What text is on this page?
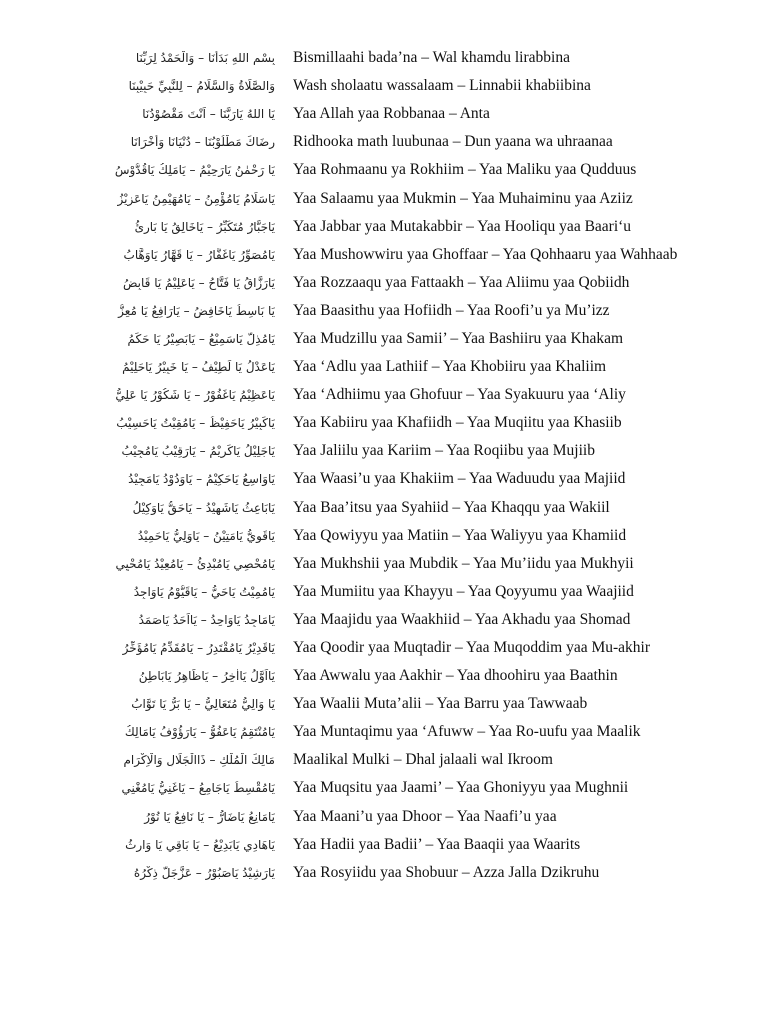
بِسْمِ اللهِ بَدَأْنَا – وَالْحَمْدُ لِرَبِّنَا Bismillaahi bada’na – Wal khamdu lirabbina
وَالصَّلَاةُ وَالسَّلَامُ – لِلنَّبِيِّ حَبِيْبِنَا Wash sholaatu wassalaam – Linnabii khabiibina
يَا اللهُ يَارَبَّنَا – اَنْتَ مَقْصُوْدُنَا Yaa Allah yaa Robbanaa – Anta
رِضَاكَ مَطْلُوْبُنَا – دُنْيَانَا وَأُخْرَانَا Ridhooka math luubunaa – Dun yaana wa uhraanaa
يَا رَحْمٰنُ يَارَحِيْمُ – يَامَلِكُ يَاقُدُّوْسُ Yaa Rohmaanu ya Rokhiim – Yaa Maliku yaa Qudduus
يَاسَلَامُ يَامُؤْمِنُ – يَامُهَيْمِنُ يَاعَزِيْزُ Yaa Salaamu yaa Mukmin – Yaa Muhaiminu yaa Aziiz
يَاجَبَّارُ مُتَكَبِّرُ – يَاخَالِقُ يَا بَارِئُ Yaa Jabbar yaa Mutakabbir – Yaa Hooliqu yaa Baari‘u
يَامُصَوِّرُ يَاغَفَّارُ – يَا قَهَّارُ يَاوَهَّابُ Yaa Mushowwiru yaa Ghoffaar – Yaa Qohhaaru yaa Wahhaab
يَارَزَّاقُ يَا فَتَّاحُ – يَاعَلِيْمُ يَا قَابِضُ Yaa Rozzaaqu yaa Fattaakh – Yaa Aliimu yaa Qobiidh
يَا بَاسِطُ يَاخَافِضُ – يَارَافِعُ يَا مُعِزُّ Yaa Baasithu yaa Hofiidh – Yaa Roofi’u ya Mu’izz
يَامُذِلُّ يَاسَمِيْعُ – يَابَصِيْرُ يَا حَكَمُ Yaa Mudzillu yaa Samii’ – Yaa Bashiiru yaa Khakam
يَاعَدْلُ يَا لَطِيْفُ – يَا خَبِيْرُ يَاحَلِيْمُ Yaa ‘Adlu yaa Lathiif – Yaa Khobiiru yaa Khaliim
يَاعَظِيْمُ يَاغَفُوْرُ – يَا شَكُوْرُ يَا عَلِيُّ Yaa ‘Adhiimu yaa Ghofuur – Yaa Syakuuru yaa ‘Aliy
يَاكَبِيْرُ يَاحَفِيْظُ – يَامُقِيْتُ يَاحَسِيْبُ Yaa Kabiiru yaa Khafiidh – Yaa Muqiitu yaa Khasiib
يَاجَلِيْلُ يَاكَرِيْمُ – يَارَقِيْبُ يَامُجِيْبُ Yaa Jaliilu yaa Kariim – Yaa Roqiibu yaa Mujiib
يَاوَاسِعُ يَاحَكِيْمُ – يَاوَدُوْدُ يَامَجِيْدُ Yaa Waasi’u yaa Khakiim – Yaa Waduudu yaa Majiid
يَابَاعِثُ يَاشَهِيْدُ – يَاحَقُّ يَاوَكِيْلُ Yaa Baa’itsu yaa Syahiid – Yaa Khaqqu yaa Wakiil
يَاقَوِيُّ يَامَتِيْنُ – يَاوَلِيُّ يَاحَمِيْدُ Yaa Qowiyyu yaa Matiin – Yaa Waliyyu yaa Khamiid
يَامُحْصِي يَامُبْدِئُ – يَامُعِيْدُ يَامُحْيِي Yaa Mukhshii yaa Mubdik – Yaa Mu’iidu yaa Mukhyii
يَامُمِيْتُ يَاحَيُّ – يَاقَيُّوْمُ يَاوَاجِدُ Yaa Mumiitu yaa Khayyu – Yaa Qoyyumu yaa Waajiid
يَامَاجِدُ يَاوَاحِدُ – يَااَحَدُ يَاصَمَدُ Yaa Maajidu yaa Waakhiid – Yaa Akhadu yaa Shomad
يَاقَدِيْرُ يَامُقْتَدِرُ – يَامُقَدِّمُ يَامُؤَخِّرُ Yaa Qoodir yaa Muqtadir – Yaa Muqoddim yaa Mu-akhir
يَااَوَّلُ يَااٰخِرُ – يَاظَاهِرُ يَابَاطِنُ Yaa Awwalu yaa Aakhir – Yaa dhoohiru yaa Baathin
يَا وَالِيُّ مُتَعَالِيُّ – يَا بَرُّ يَا تَوَّابُ Yaa Waalii Muta’alii – Yaa Barru yaa Tawwaab
يَامُنْتَقِمُ يَاعَفُوُّ – يَارَؤُوْفُ يَامَالِكُ Yaa Muntaqimu yaa ‘Afuww – Yaa Ro-uufu yaa Maalik
مَالِكَ الْمُلْكِ – ذَاالْجَلَالِ وَالْاِكْرَامِ Maalikal Mulki – Dhal jalaali wal Ikroom
يَامُقْسِطُ يَاجَامِعُ – يَاغَنِيُّ يَامُغْنِي Yaa Muqsitu yaa Jaami’ – Yaa Ghoniyyu yaa Mughnii
يَامَانِعُ يَاضَارُّ – يَا نَافِعُ يَا نُوْرُ Yaa Maani’u yaa Dhoor – Yaa Naafi’u yaa
يَاهَادِي يَابَدِيْعُ – يَا بَاقِي يَا وَارِثُ Yaa Hadii yaa Badii’ – Yaa Baaqii yaa Waarits
يَارَشِيْدُ يَاصَبُوْرُ – عَزَّجَلَّ ذِكْرُهُ Yaa Rosyiidu yaa Shobuur – Azza Jalla Dzikruhu
